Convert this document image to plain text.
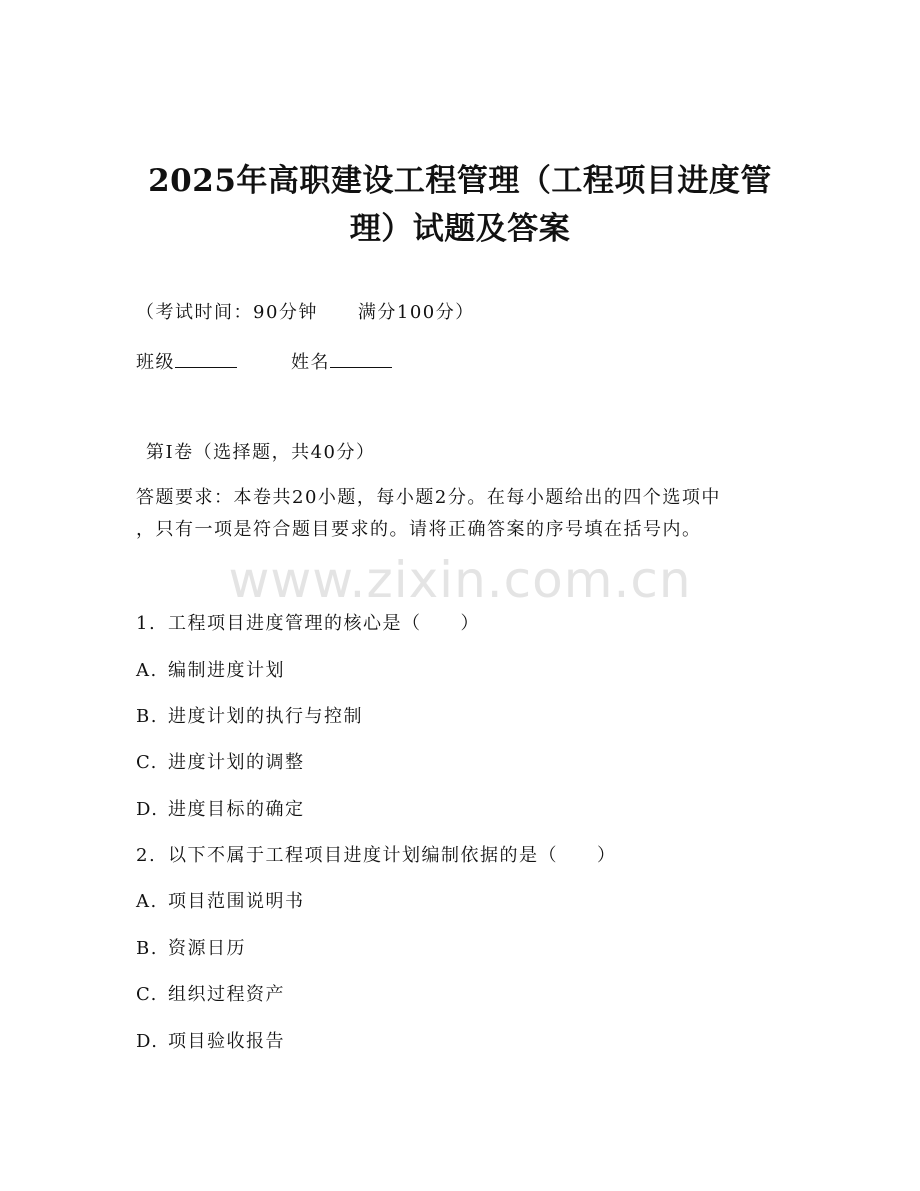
2025年高职建设工程管理（工程项目进度管
理）试题及答案
（考试时间：90分钟 满分100分）
班级	姓名
第Ⅰ卷（选择题，共40分）
答题要求：本卷共20小题，每小题2分。在每小题给出的四个选项中
，只有一项是符合题目要求的。请将正确答案的序号填在括号内。
www.zixin.com.cn
1. 工程项目进度管理的核心是（　　）
A. 编制进度计划
B. 进度计划的执行与控制
C. 进度计划的调整
D. 进度目标的确定
2. 以下不属于工程项目进度计划编制依据的是（　　）
A. 项目范围说明书
B. 资源日历
C. 组织过程资产
D. 项目验收报告
